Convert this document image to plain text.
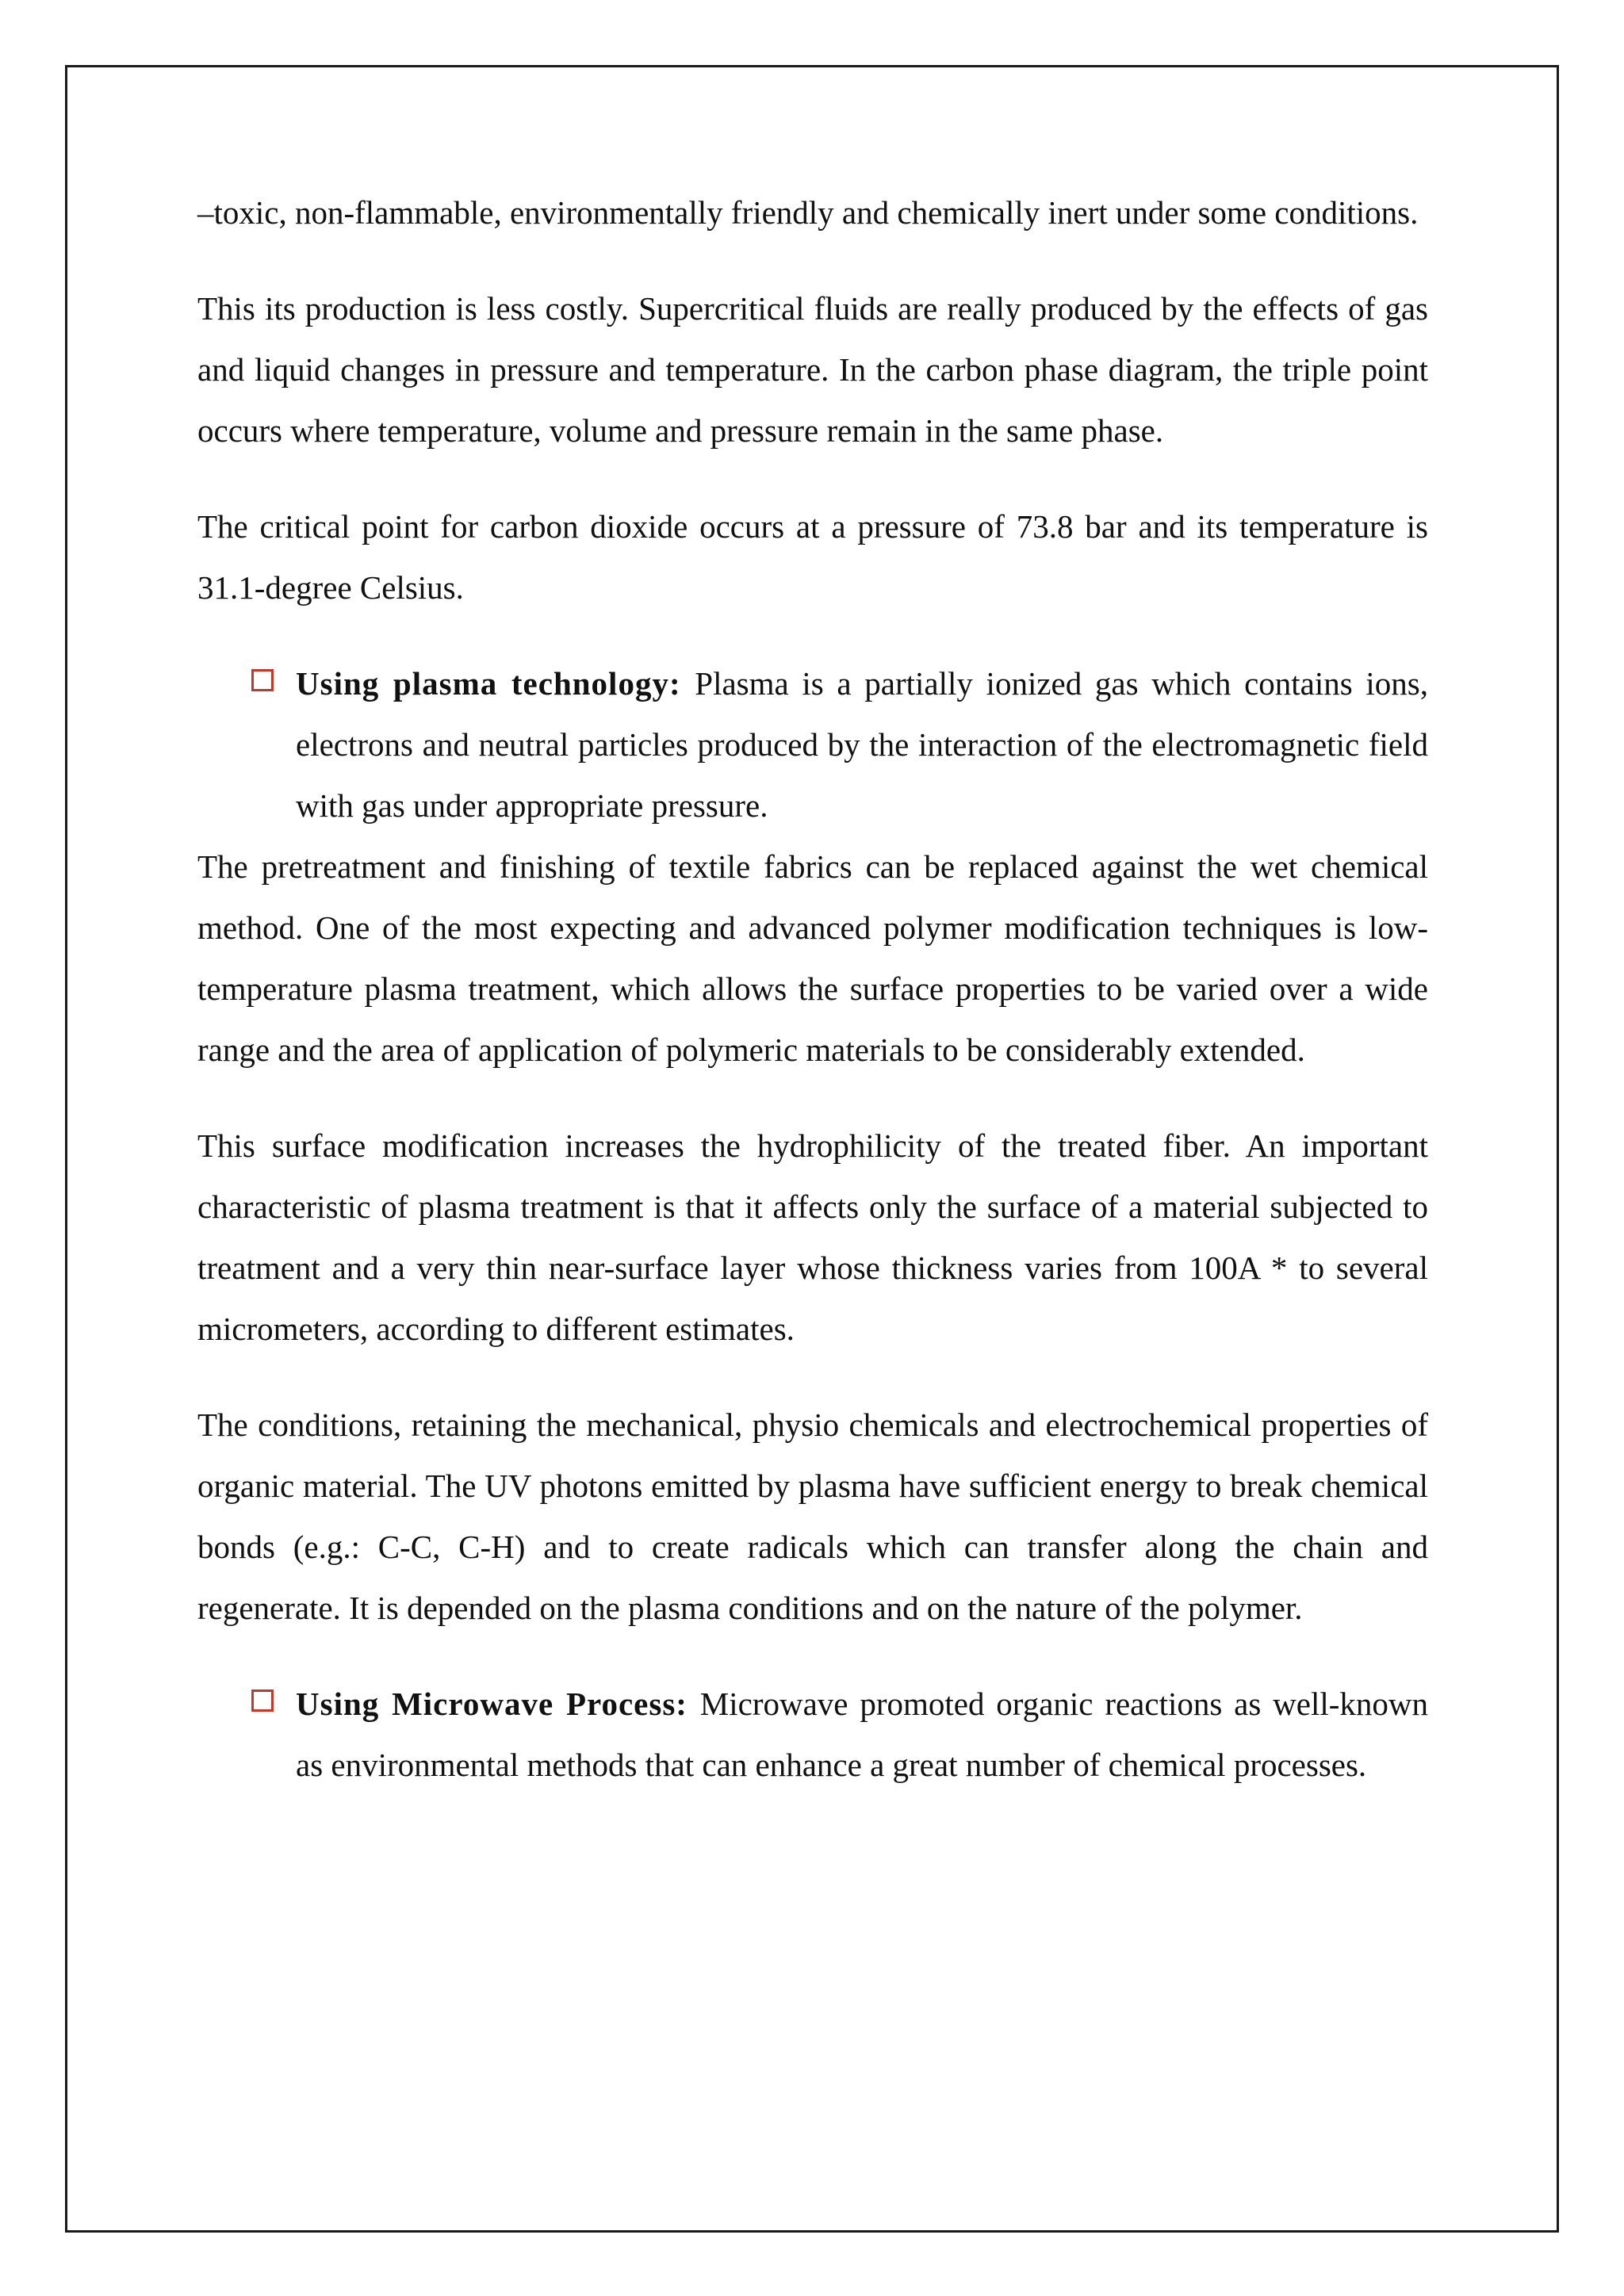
–toxic, non-flammable, environmentally friendly and chemically inert under some conditions.

This its production is less costly. Supercritical fluids are really produced by the effects of gas and liquid changes in pressure and temperature. In the carbon phase diagram, the triple point occurs where temperature, volume and pressure remain in the same phase.

The critical point for carbon dioxide occurs at a pressure of 73.8 bar and its temperature is 31.1-degree Celsius.

Using plasma technology: Plasma is a partially ionized gas which contains ions, electrons and neutral particles produced by the interaction of the electromagnetic field with gas under appropriate pressure.

The pretreatment and finishing of textile fabrics can be replaced against the wet chemical method. One of the most expecting and advanced polymer modification techniques is low-temperature plasma treatment, which allows the surface properties to be varied over a wide range and the area of application of polymeric materials to be considerably extended.

This surface modification increases the hydrophilicity of the treated fiber. An important characteristic of plasma treatment is that it affects only the surface of a material subjected to treatment and a very thin near-surface layer whose thickness varies from 100A * to several micrometers, according to different estimates.

The conditions, retaining the mechanical, physio chemicals and electrochemical properties of organic material. The UV photons emitted by plasma have sufficient energy to break chemical bonds (e.g.: C-C, C-H) and to create radicals which can transfer along the chain and regenerate. It is depended on the plasma conditions and on the nature of the polymer.

Using Microwave Process: Microwave promoted organic reactions as well-known as environmental methods that can enhance a great number of chemical processes.
